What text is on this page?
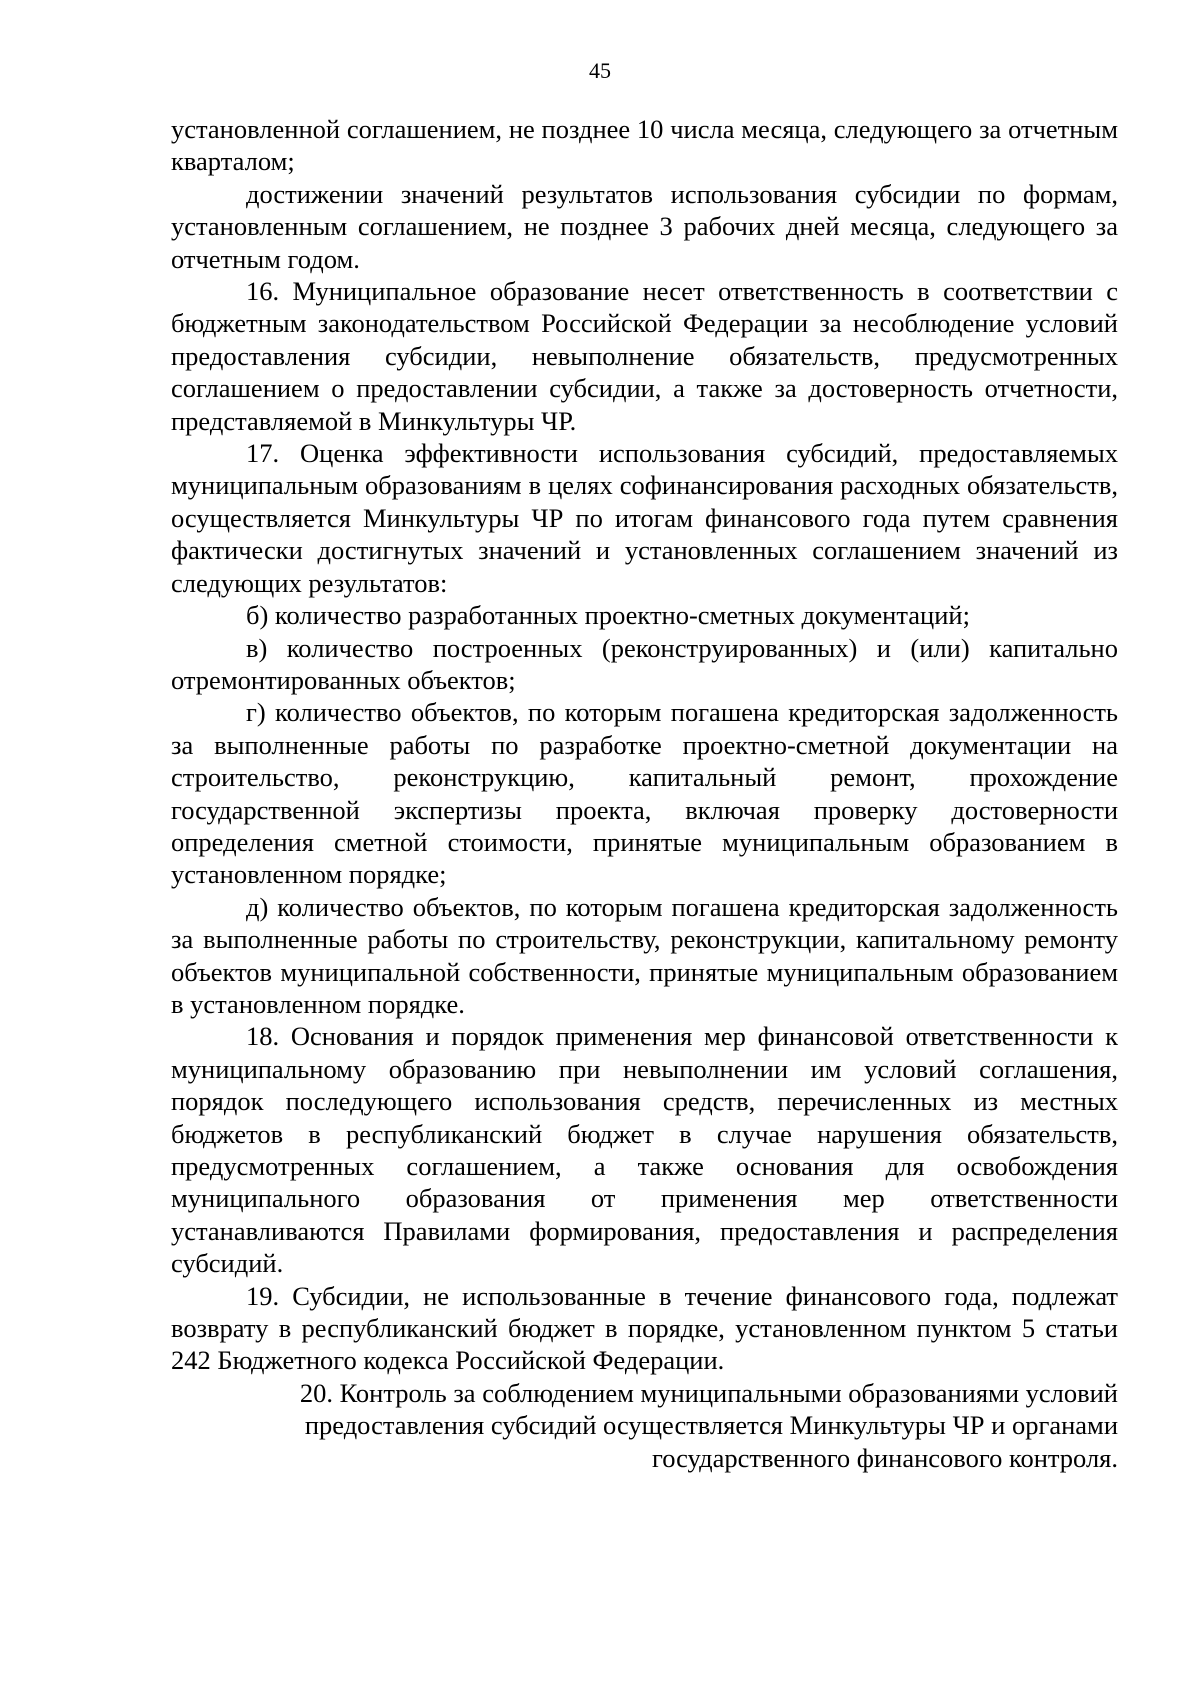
45

установленной соглашением, не позднее 10 числа месяца, следующего за отчетным кварталом;

достижении значений результатов использования субсидии по формам, установленным соглашением, не позднее 3 рабочих дней месяца, следующего за отчетным годом.

16. Муниципальное образование несет ответственность в соответствии с бюджетным законодательством Российской Федерации за несоблюдение условий предоставления субсидии, невыполнение обязательств, предусмотренных соглашением о предоставлении субсидии, а также за достоверность отчетности, представляемой в Минкультуры ЧР.

17. Оценка эффективности использования субсидий, предоставляемых муниципальным образованиям в целях софинансирования расходных обязательств, осуществляется Минкультуры ЧР по итогам финансового года путем сравнения фактически достигнутых значений и установленных соглашением значений из следующих результатов:

б) количество разработанных проектно-сметных документаций;

в) количество построенных (реконструированных) и (или) капитально отремонтированных объектов;

г) количество объектов, по которым погашена кредиторская задолженность за выполненные работы по разработке проектно-сметной документации на строительство, реконструкцию, капитальный ремонт, прохождение государственной экспертизы проекта, включая проверку достоверности определения сметной стоимости, принятые муниципальным образованием в установленном порядке;

д) количество объектов, по которым погашена кредиторская задолженность за выполненные работы по строительству, реконструкции, капитальному ремонту объектов муниципальной собственности, принятые муниципальным образованием в установленном порядке.

18. Основания и порядок применения мер финансовой ответственности к муниципальному образованию при невыполнении им условий соглашения, порядок последующего использования средств, перечисленных из местных бюджетов в республиканский бюджет в случае нарушения обязательств, предусмотренных соглашением, а также основания для освобождения муниципального образования от применения мер ответственности устанавливаются Правилами формирования, предоставления и распределения субсидий.

19. Субсидии, не использованные в течение финансового года, подлежат возврату в республиканский бюджет в порядке, установленном пунктом 5 статьи 242 Бюджетного кодекса Российской Федерации.

20. Контроль за соблюдением муниципальными образованиями условий предоставления субсидий осуществляется Минкультуры ЧР и органами государственного финансового контроля.
